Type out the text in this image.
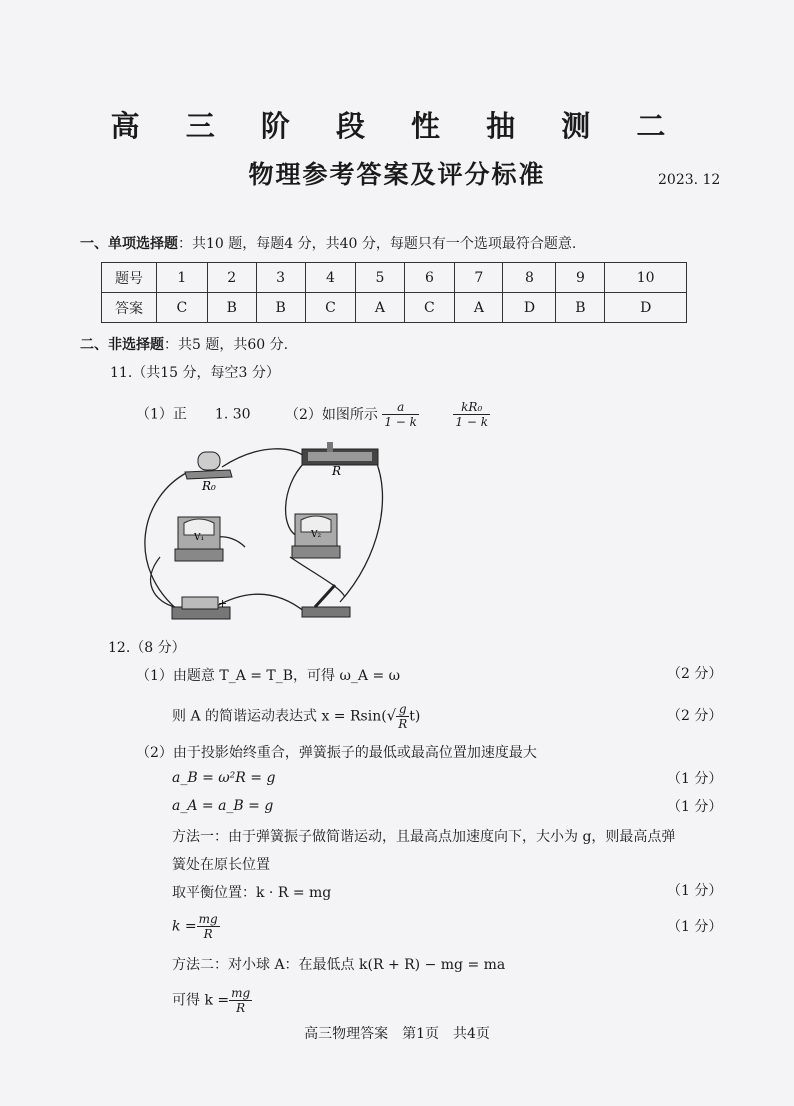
高 三 阶 段 性 抽 测 二
物理参考答案及评分标准	2023. 12
一、单项选择题：共10 题，每题4 分，共40 分，每题只有一个选项最符合题意.
题号	1	2	3	4	5	6	7	8	9	10
答案	C	B	B	C	A	C	A	D	B	D
二、非选择题：共5 题，共60 分.
11.（共15 分，每空3 分）
（1）正　　1. 30 （2）如图所示 $\frac{a}{1 - k}$
	$\frac{\text{kR₀}}{1 - k}$
R₀
R
V₁	V₂
+
12.（8 分）
（1）由题意 T_A = T_B，可得 ω_A = ω	（2 分）
则 A 的简谐运动表达式 $x = Rsin(√ \frac{g}{R} t)$	（2 分）
（2）由于投影始终重合，弹簧振子的最低或最高位置加速度最大
a_B = ω²R = g	（1 分）
a_A = a_B = g	（1 分）
方法一：由于弹簧振子做简谐运动，且最高点加速度向下，大小为 g，则最高点弹
簧处在原长位置
取平衡位置：k · R = mg	（1 分）
$k = \frac{mg}{R}$	（1 分）
方法二：对小球 A：在最低点 k(R + R) − mg = ma
可得 $k = \frac{mg}{R}$
高三物理答案　第1页　共4页
